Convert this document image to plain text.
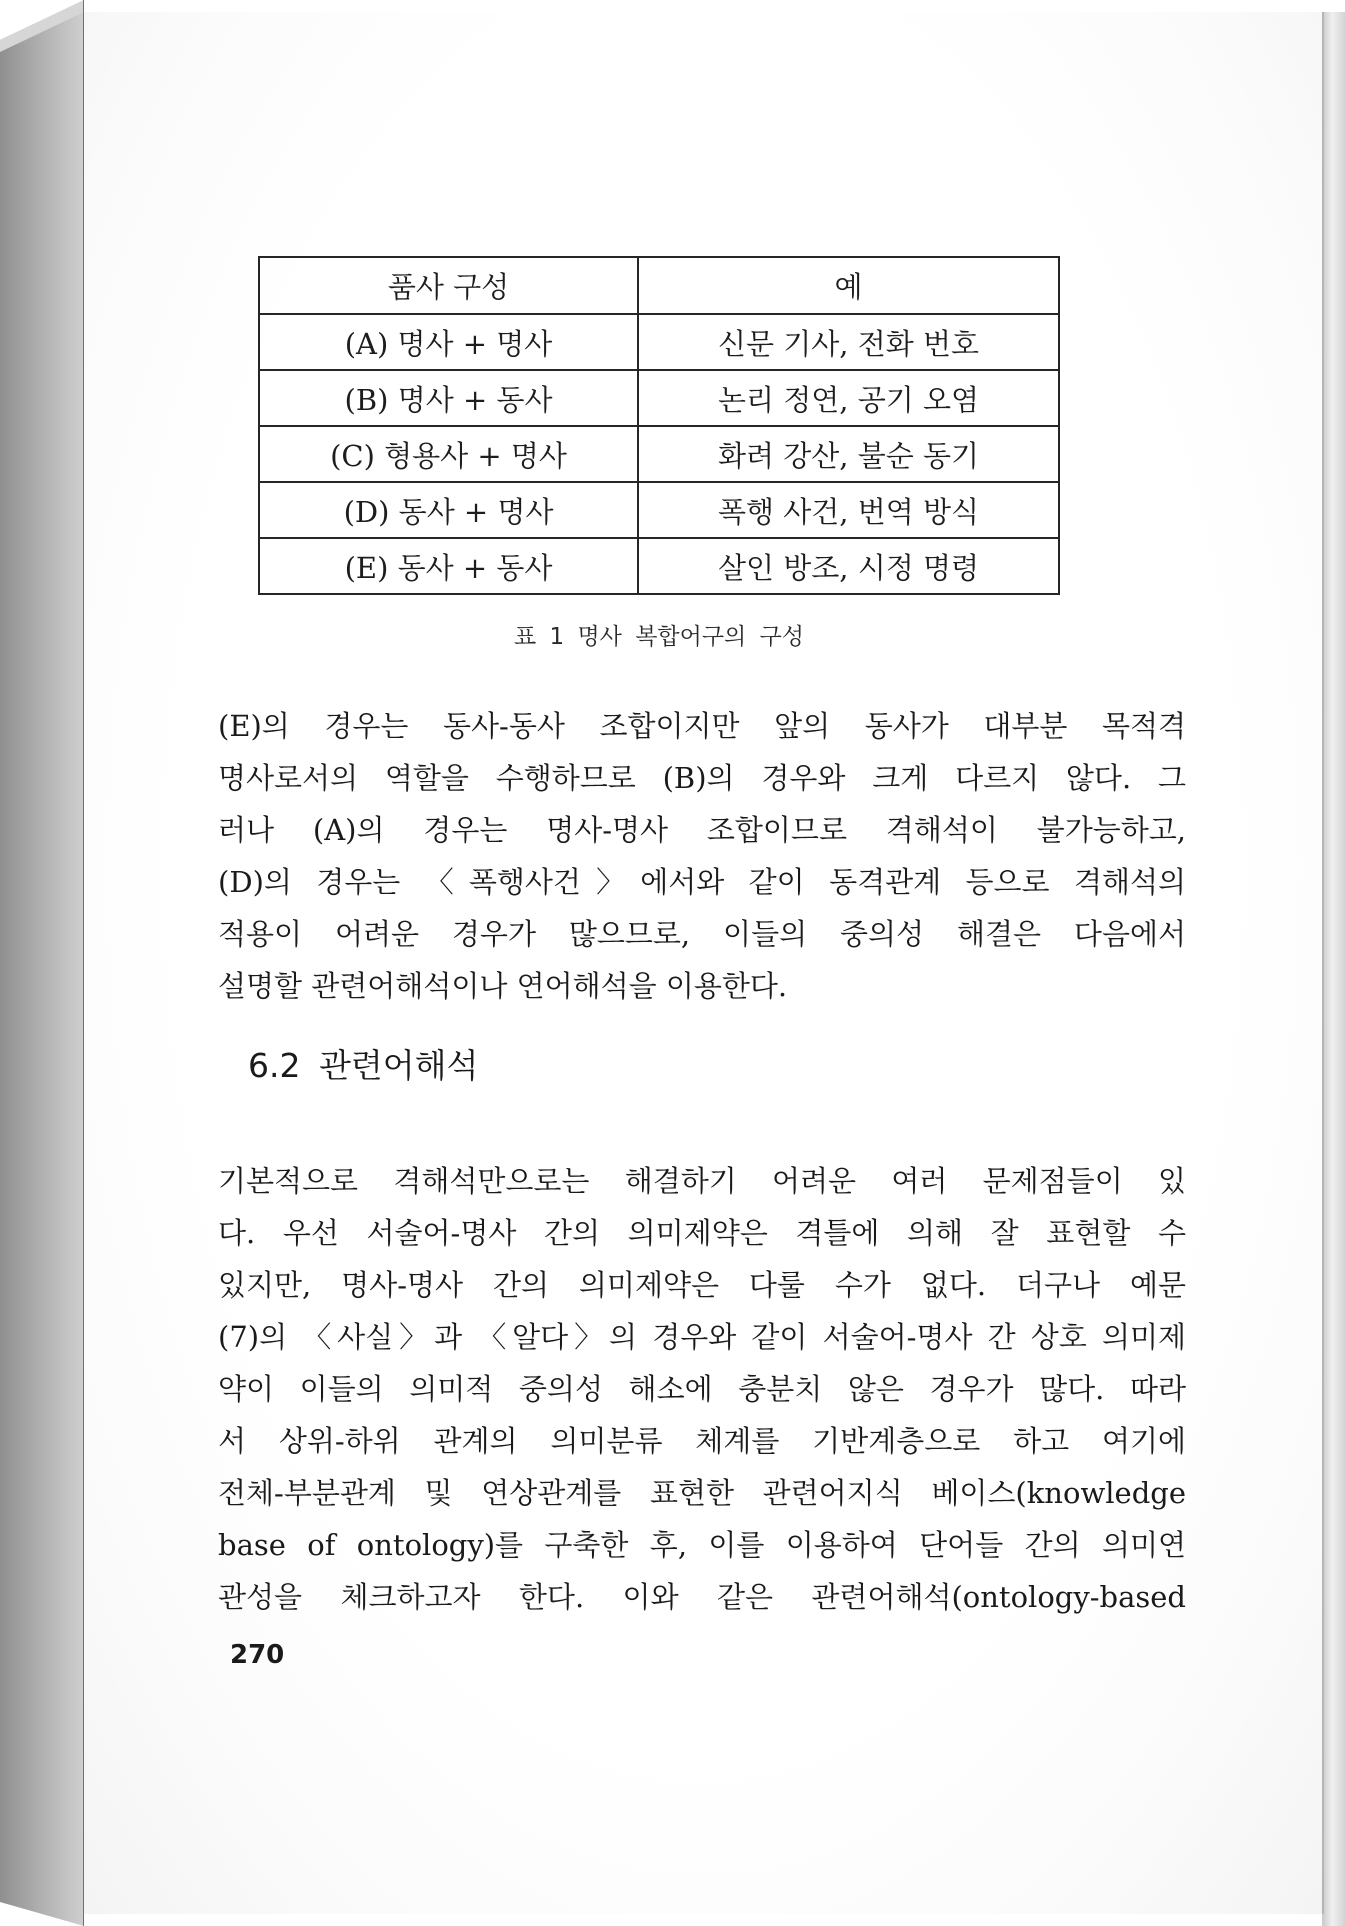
품사 구성	예
(A) 명사 + 명사	신문 기사, 전화 번호
(B) 명사 + 동사	논리 정연, 공기 오염
(C) 형용사 + 명사	화려 강산, 불순 동기
(D) 동사 + 명사	폭행 사건, 번역 방식
(E) 동사 + 동사	살인 방조, 시정 명령
표 1 명사 복합어구의 구성
(E)의 경우는 동사-동사 조합이지만 앞의 동사가 대부분 목적격
명사로서의 역할을 수행하므로 (B)의 경우와 크게 다르지 않다. 그
러나 (A)의 경우는 명사-명사 조합이므로 격해석이 불가능하고,
(D)의 경우는 〈폭행사건〉에서와 같이 동격관계 등으로 격해석의
적용이 어려운 경우가 많으므로, 이들의 중의성 해결은 다음에서
설명할 관련어해석이나 연어해석을 이용한다.
6.2 관련어해석
기본적으로 격해석만으로는 해결하기 어려운 여러 문제점들이 있
다. 우선 서술어-명사 간의 의미제약은 격틀에 의해 잘 표현할 수
있지만, 명사-명사 간의 의미제약은 다룰 수가 없다. 더구나 예문
(7)의 〈사실〉과 〈알다〉의 경우와 같이 서술어-명사 간 상호 의미제
약이 이들의 의미적 중의성 해소에 충분치 않은 경우가 많다. 따라
서 상위-하위 관계의 의미분류 체계를 기반계층으로 하고 여기에
전체-부분관계 및 연상관계를 표현한 관련어지식 베이스(knowledge
base of ontology)를 구축한 후, 이를 이용하여 단어들 간의 의미연
관성을 체크하고자 한다. 이와 같은 관련어해석(ontology-based
270
